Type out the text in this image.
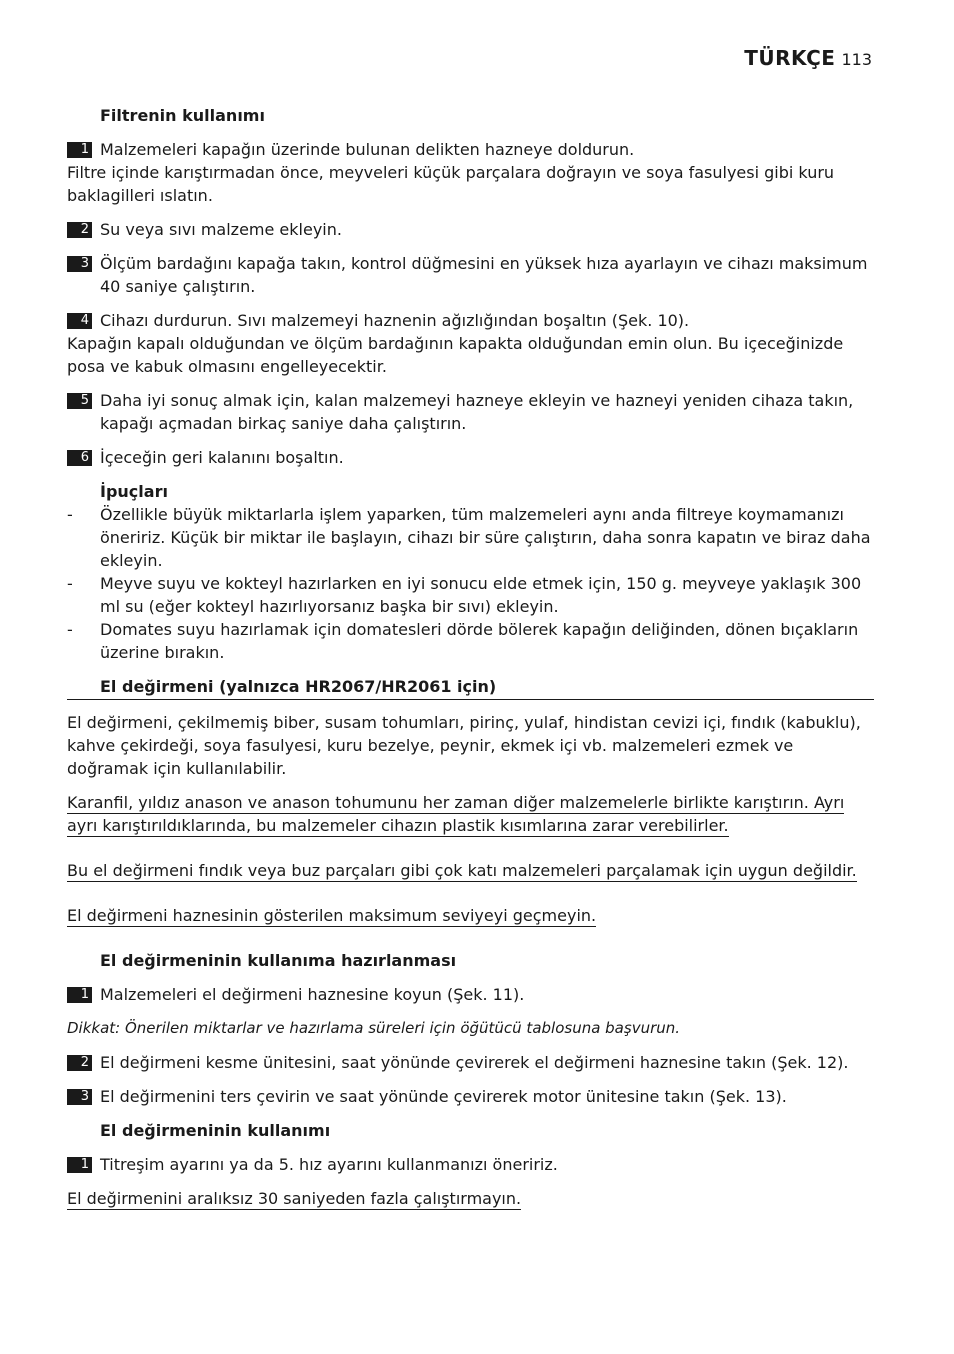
TÜRKÇE 113

Filtrenin kullanımı

1 Malzemeleri kapağın üzerinde bulunan delikten hazneye doldurun.

Filtre içinde karıştırmadan önce, meyveleri küçük parçalara doğrayın ve soya fasulyesi gibi kuru baklagilleri ıslatın.

2 Su veya sıvı malzeme ekleyin.
3 Ölçüm bardağını kapağa takın, kontrol düğmesini en yüksek hıza ayarlayın ve cihazı maksimum 40 saniye çalıştırın.
4 Cihazı durdurun. Sıvı malzemeyi haznenin ağızlığından boşaltın (Şek. 10).

Kapağın kapalı olduğundan ve ölçüm bardağının kapakta olduğundan emin olun. Bu içeceğinizde posa ve kabuk olmasını engelleyecektir.

5 Daha iyi sonuç almak için, kalan malzemeyi hazneye ekleyin ve hazneyi yeniden cihaza takın, kapağı açmadan birkaç saniye daha çalıştırın.
6 İçeceğin geri kalanını boşaltın.

İpuçları

- Özellikle büyük miktarlarla işlem yaparken, tüm malzemeleri aynı anda filtreye koymamanızı öneririz. Küçük bir miktar ile başlayın, cihazı bir süre çalıştırın, daha sonra kapatın ve biraz daha ekleyin.
- Meyve suyu ve kokteyl hazırlarken en iyi sonucu elde etmek için, 150 g. meyveye yaklaşık 300 ml su (eğer kokteyl hazırlıyorsanız başka bir sıvı) ekleyin.
- Domates suyu hazırlamak için domatesleri dörde bölerek kapağın deliğinden, dönen bıçakların üzerine bırakın.

El değirmeni (yalnızca HR2067/HR2061 için)

El değirmeni, çekilmemiş biber, susam tohumları, pirinç, yulaf, hindistan cevizi içi, fındık (kabuklu), kahve çekirdeği, soya fasulyesi, kuru bezelye, peynir, ekmek içi vb. malzemeleri ezmek ve doğramak için kullanılabilir.

Karanfil, yıldız anason ve anason tohumunu her zaman diğer malzemelerle birlikte karıştırın. Ayrı ayrı karıştırıldıklarında, bu malzemeler cihazın plastik kısımlarına zarar verebilirler.

Bu el değirmeni fındık veya buz parçaları gibi çok katı malzemeleri parçalamak için uygun değildir.

El değirmeni haznesinin gösterilen maksimum seviyeyi geçmeyin.

El değirmeninin kullanıma hazırlanması

1 Malzemeleri el değirmeni haznesine koyun (Şek. 11).

Dikkat: Önerilen miktarlar ve hazırlama süreleri için öğütücü tablosuna başvurun.

2 El değirmeni kesme ünitesini, saat yönünde çevirerek el değirmeni haznesine takın (Şek. 12).
3 El değirmenini ters çevirin ve saat yönünde çevirerek motor ünitesine takın (Şek. 13).

El değirmeninin kullanımı

1 Titreşim ayarını ya da 5. hız ayarını kullanmanızı öneririz.

El değirmenini aralıksız 30 saniyeden fazla çalıştırmayın.
